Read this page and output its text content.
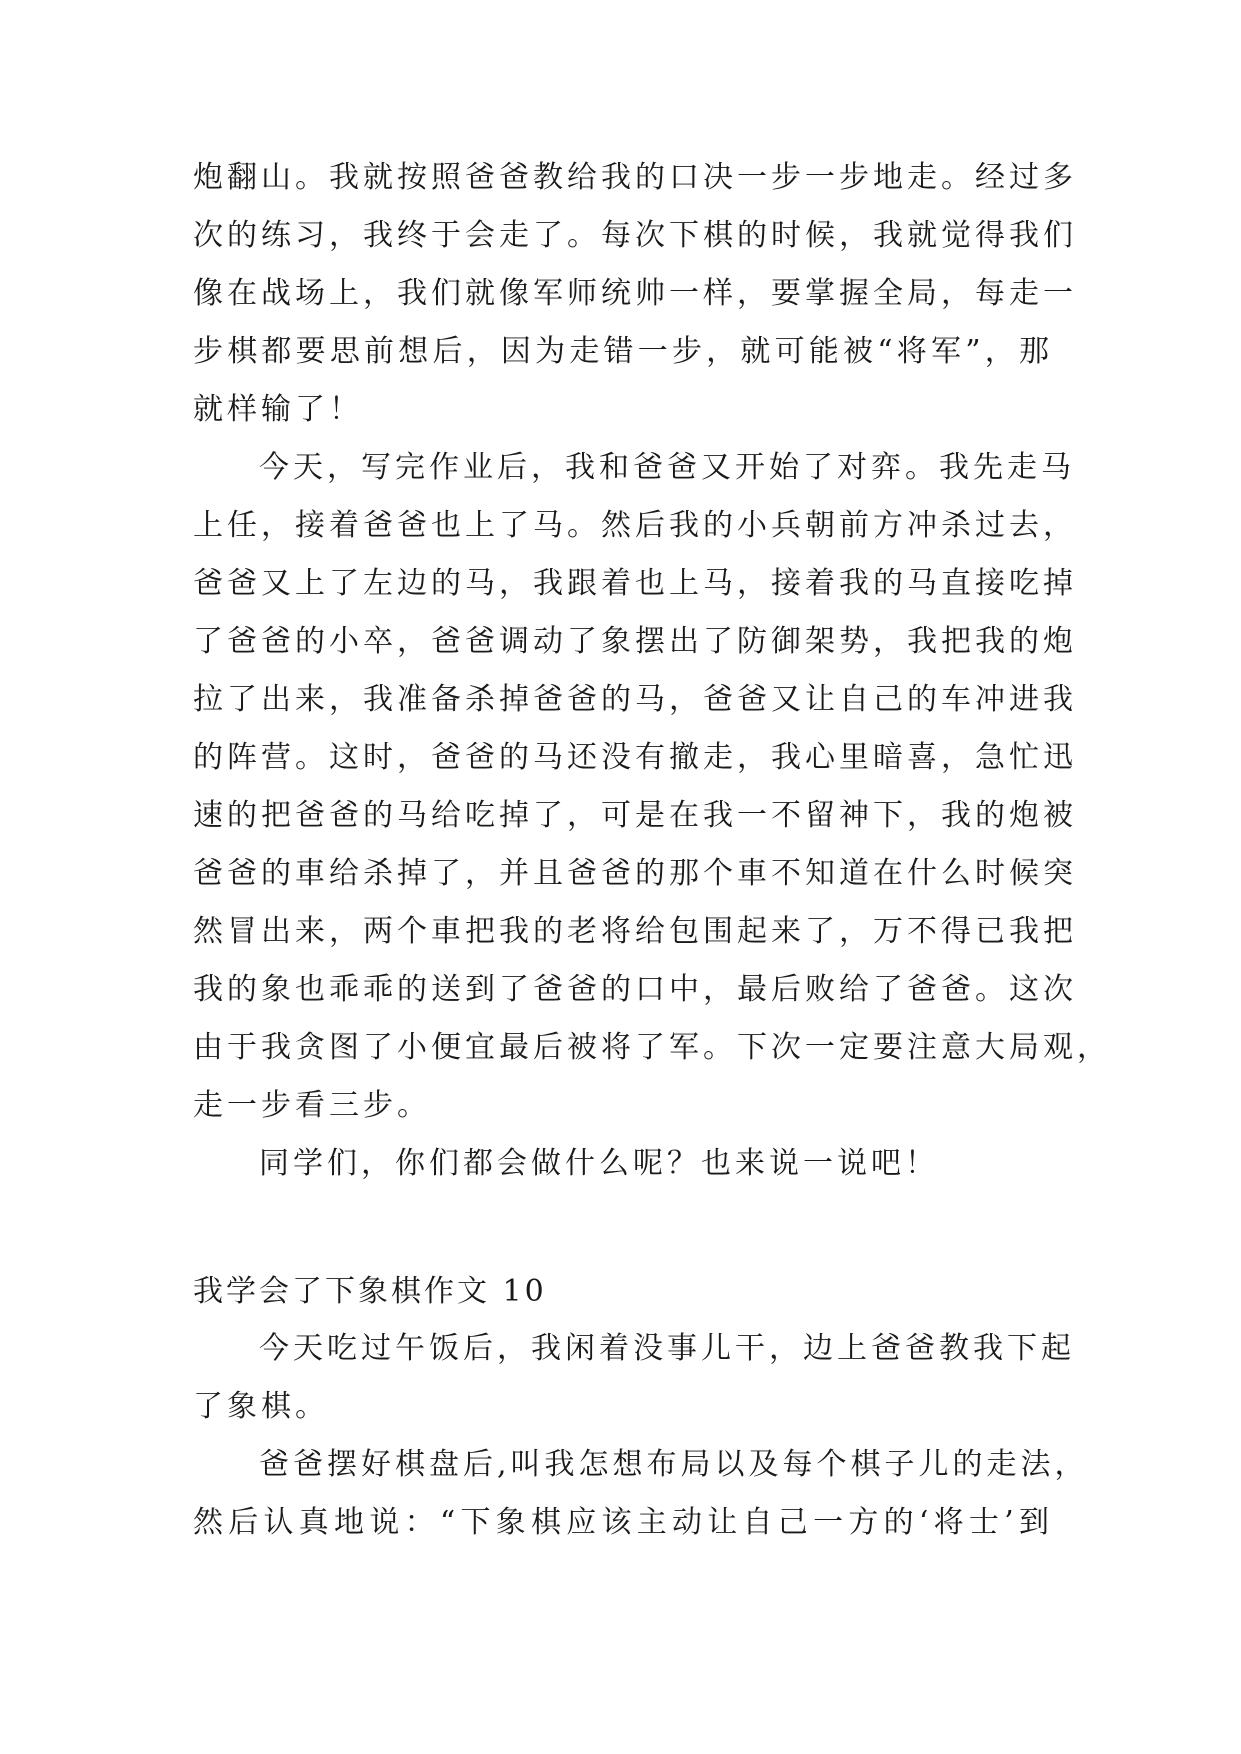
炮翻山。我就按照爸爸教给我的口决一步一步地走。经过多
次的练习，我终于会走了。每次下棋的时候，我就觉得我们
像在战场上，我们就像军师统帅一样，要掌握全局，每走一
步棋都要思前想后，因为走错一步，就可能被“将军”，那
就样输了！
今天，写完作业后，我和爸爸又开始了对弈。我先走马
上任，接着爸爸也上了马。然后我的小兵朝前方冲杀过去，
爸爸又上了左边的马，我跟着也上马，接着我的马直接吃掉
了爸爸的小卒，爸爸调动了象摆出了防御架势，我把我的炮
拉了出来，我准备杀掉爸爸的马，爸爸又让自己的车冲进我
的阵营。这时，爸爸的马还没有撤走，我心里暗喜，急忙迅
速的把爸爸的马给吃掉了，可是在我一不留神下，我的炮被
爸爸的車给杀掉了，并且爸爸的那个車不知道在什么时候突
然冒出来，两个車把我的老将给包围起来了，万不得已我把
我的象也乖乖的送到了爸爸的口中，最后败给了爸爸。这次
由于我贪图了小便宜最后被将了军。下次一定要注意大局观，
走一步看三步。
同学们，你们都会做什么呢？也来说一说吧！
我学会了下象棋作文 10
今天吃过午饭后，我闲着没事儿干，边上爸爸教我下起
了象棋。
爸爸摆好棋盘后,叫我怎想布局以及每个棋子儿的走法，
然后认真地说：“下象棋应该主动让自己一方的‘将士’到
